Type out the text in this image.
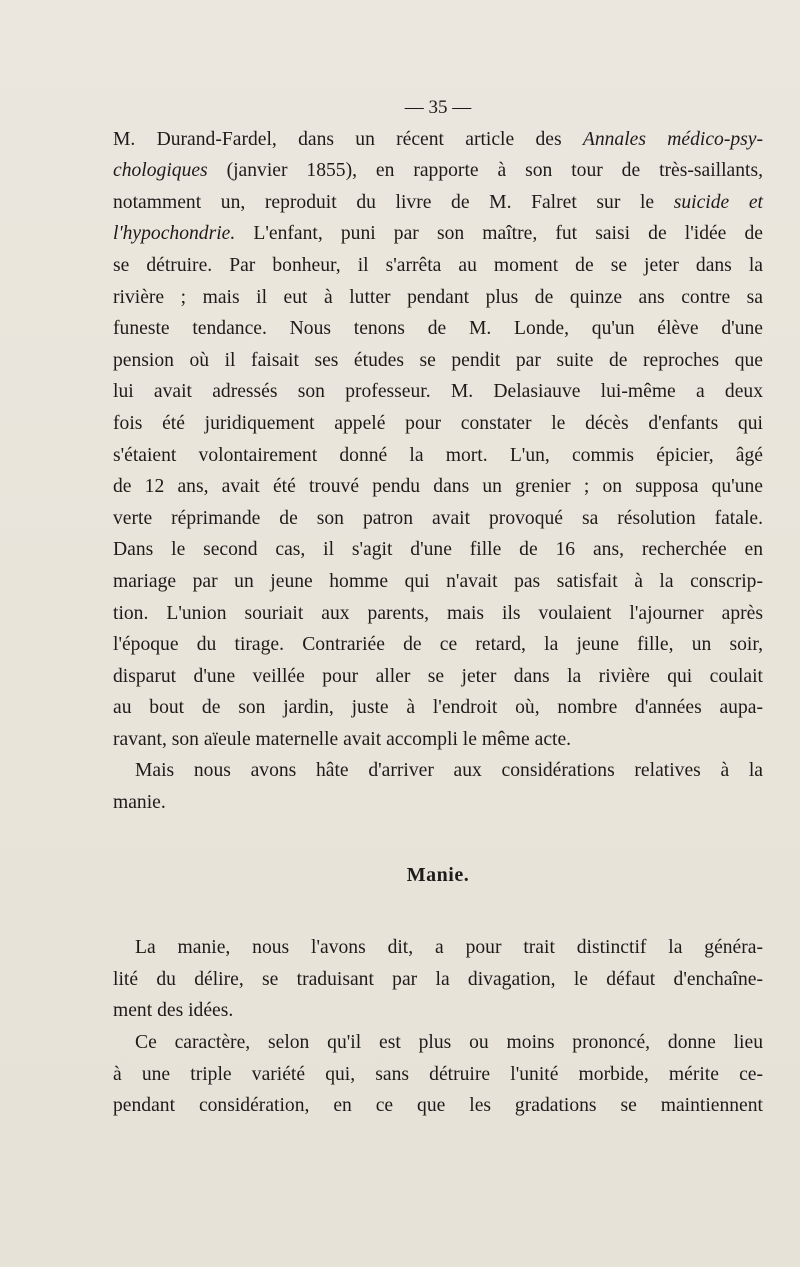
— 35 —

M. Durand-Fardel, dans un récent article des Annales médico-psy-
chologiques (janvier 1855), en rapporte à son tour de très-saillants,
notamment un, reproduit du livre de M. Falret sur le suicide et
l'hypochondrie. L'enfant, puni par son maître, fut saisi de l'idée de
se détruire. Par bonheur, il s'arrêta au moment de se jeter dans la
rivière ; mais il eut à lutter pendant plus de quinze ans contre sa
funeste tendance. Nous tenons de M. Londe, qu'un élève d'une
pension où il faisait ses études se pendit par suite de reproches que
lui avait adressés son professeur. M. Delasiauve lui-même a deux
fois été juridiquement appelé pour constater le décès d'enfants qui
s'étaient volontairement donné la mort. L'un, commis épicier, âgé
de 12 ans, avait été trouvé pendu dans un grenier ; on supposa qu'une
verte réprimande de son patron avait provoqué sa résolution fatale.
Dans le second cas, il s'agit d'une fille de 16 ans, recherchée en
mariage par un jeune homme qui n'avait pas satisfait à la conscrip-
tion. L'union souriait aux parents, mais ils voulaient l'ajourner après
l'époque du tirage. Contrariée de ce retard, la jeune fille, un soir,
disparut d'une veillée pour aller se jeter dans la rivière qui coulait
au bout de son jardin, juste à l'endroit où, nombre d'années aupa-
ravant, son aïeule maternelle avait accompli le même acte.

Mais nous avons hâte d'arriver aux considérations relatives à la
manie.

Manie.

La manie, nous l'avons dit, a pour trait distinctif la généra-
lité du délire, se traduisant par la divagation, le défaut d'enchaîne-
ment des idées.

Ce caractère, selon qu'il est plus ou moins prononcé, donne lieu
à une triple variété qui, sans détruire l'unité morbide, mérite ce-
pendant considération, en ce que les gradations se maintiennent
